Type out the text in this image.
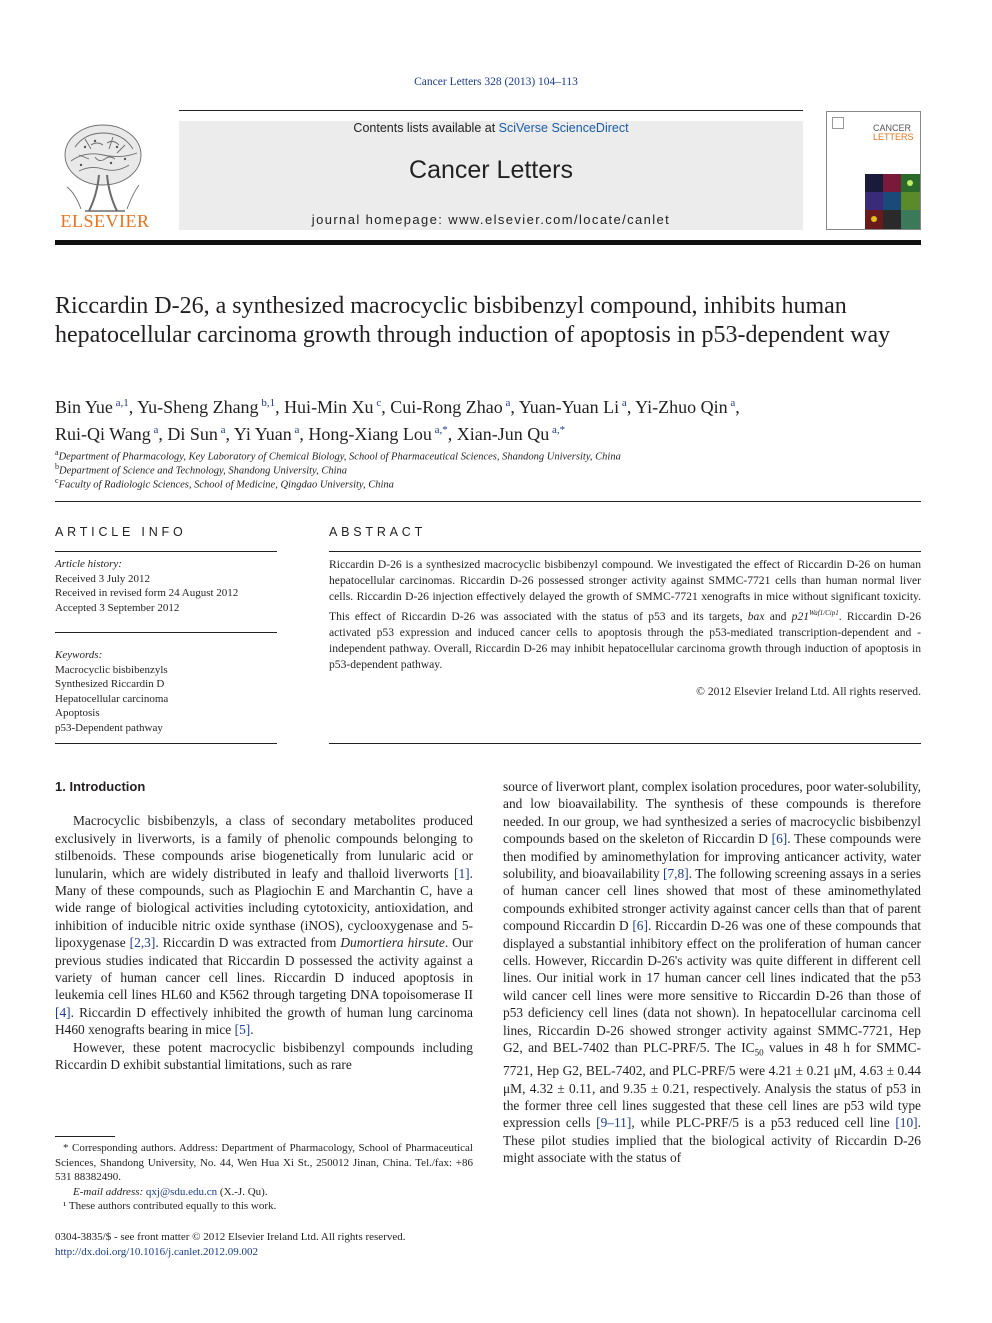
Cancer Letters 328 (2013) 104–113
Contents lists available at SciVerse ScienceDirect
Cancer Letters
journal homepage: www.elsevier.com/locate/canlet
ELSEVIER
CANCER
LETTERS
Riccardin D-26, a synthesized macrocyclic bisbibenzyl compound, inhibits human hepatocellular carcinoma growth through induction of apoptosis in p53-dependent way
Bin Yue $^{a,1}$, Yu-Sheng Zhang $^{b,1}$, Hui-Min Xu $^c$, Cui-Rong Zhao $^a$, Yuan-Yuan Li $^a$, Yi-Zhuo Qin $^a$,
Rui-Qi Wang $^a$, Di Sun $^a$, Yi Yuan $^a$, Hong-Xiang Lou $^{a,*}$, Xian-Jun Qu $^{a,*}$
$^a$Department of Pharmacology, Key Laboratory of Chemical Biology, School of Pharmaceutical Sciences, Shandong University, China
$^b$Department of Science and Technology, Shandong University, China
$^c$Faculty of Radiologic Sciences, School of Medicine, Qingdao University, China
ARTICLE INFO
Article history:
Received 3 July 2012
Received in revised form 24 August 2012
Accepted 3 September 2012
Keywords:
Macrocyclic bisbibenzyls
Synthesized Riccardin D
Hepatocellular carcinoma
Apoptosis
p53-Dependent pathway
ABSTRACT
Riccardin D-26 is a synthesized macrocyclic bisbibenzyl compound. We investigated the effect of Riccardin D-26 on human hepatocellular carcinomas. Riccardin D-26 possessed stronger activity against SMMC-7721 cells than human normal liver cells. Riccardin D-26 injection effectively delayed the growth of SMMC-7721 xenografts in mice without significant toxicity. This effect of Riccardin D-26 was associated with the status of p53 and its targets, bax and $p21^{Waf1/Cip1}$. Riccardin D-26 activated p53 expression and induced cancer cells to apoptosis through the p53-mediated transcription-dependent and -independent pathway. Overall, Riccardin D-26 may inhibit hepatocellular carcinoma growth through induction of apoptosis in p53-dependent pathway.
© 2012 Elsevier Ireland Ltd. All rights reserved.
1. Introduction

Macrocyclic bisbibenzyls, a class of secondary metabolites produced exclusively in liverworts, is a family of phenolic compounds belonging to stilbenoids. These compounds arise biogenetically from lunularic acid or lunularin, which are widely distributed in leafy and thalloid liverworts [1]. Many of these compounds, such as Plagiochin E and Marchantin C, have a wide range of biological activities including cytotoxicity, antioxidation, and inhibition of inducible nitric oxide synthase (iNOS), cyclooxygenase and 5-lipoxygenase [2,3]. Riccardin D was extracted from Dumortiera hirsute. Our previous studies indicated that Riccardin D possessed the activity against a variety of human cancer cell lines. Riccardin D induced apoptosis in leukemia cell lines HL60 and K562 through targeting DNA topoisomerase II [4]. Riccardin D effectively inhibited the growth of human lung carcinoma H460 xenografts bearing in mice [5].

However, these potent macrocyclic bisbibenzyl compounds including Riccardin D exhibit substantial limitations, such as rare

source of liverwort plant, complex isolation procedures, poor water-solubility, and low bioavailability. The synthesis of these compounds is therefore needed. In our group, we had synthesized a series of macrocyclic bisbibenzyl compounds based on the skeleton of Riccardin D [6]. These compounds were then modified by aminomethylation for improving anticancer activity, water solubility, and bioavailability [7,8]. The following screening assays in a series of human cancer cell lines showed that most of these aminomethylated compounds exhibited stronger activity against cancer cells than that of parent compound Riccardin D [6]. Riccardin D-26 was one of these compounds that displayed a substantial inhibitory effect on the proliferation of human cancer cells. However, Riccardin D-26's activity was quite different in different cell lines. Our initial work in 17 human cancer cell lines indicated that the p53 wild cancer cell lines were more sensitive to Riccardin D-26 than those of p53 deficiency cell lines (data not shown). In hepatocellular carcinoma cell lines, Riccardin D-26 showed stronger activity against SMMC-7721, Hep G2, and BEL-7402 than PLC-PRF/5. The $IC_{50}$ values in 48 h for SMMC-7721, Hep G2, BEL-7402, and PLC-PRF/5 were 4.21 ± 0.21 μM, 4.63 ± 0.44 μM, 4.32 ± 0.11, and 9.35 ± 0.21, respectively. Analysis the status of p53 in the former three cell lines suggested that these cell lines are p53 wild type expression cells [9–11], while PLC-PRF/5 is a p53 reduced cell line [10]. These pilot studies implied that the biological activity of Riccardin D-26 might associate with the status of

* Corresponding authors. Address: Department of Pharmacology, School of Pharmaceutical Sciences, Shandong University, No. 44, Wen Hua Xi St., 250012 Jinan, China. Tel./fax: +86 531 88382490.

E-mail address: qxj@sdu.edu.cn (X.-J. Qu).

¹ These authors contributed equally to this work.

0304-3835/$ - see front matter © 2012 Elsevier Ireland Ltd. All rights reserved.
http://dx.doi.org/10.1016/j.canlet.2012.09.002
